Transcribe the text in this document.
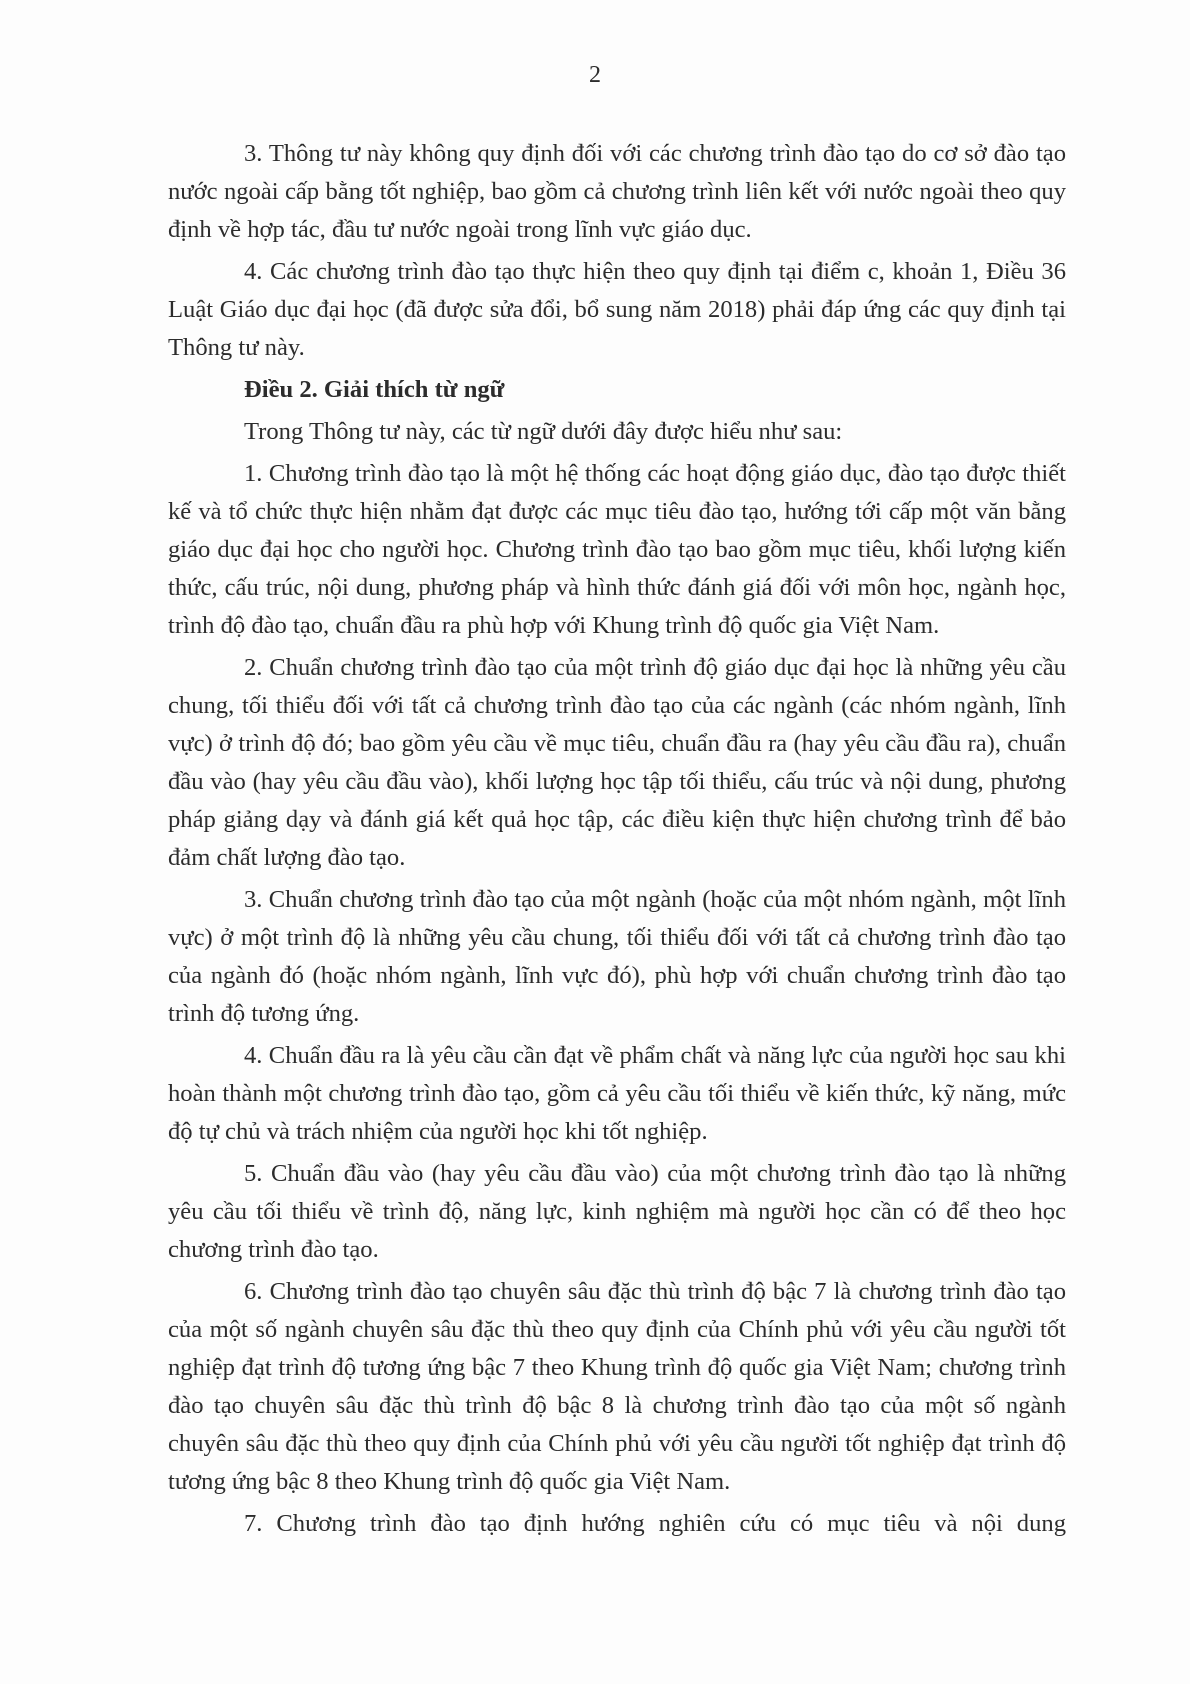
2

3. Thông tư này không quy định đối với các chương trình đào tạo do cơ sở đào tạo nước ngoài cấp bằng tốt nghiệp, bao gồm cả chương trình liên kết với nước ngoài theo quy định về hợp tác, đầu tư nước ngoài trong lĩnh vực giáo dục.

4. Các chương trình đào tạo thực hiện theo quy định tại điểm c, khoản 1, Điều 36 Luật Giáo dục đại học (đã được sửa đổi, bổ sung năm 2018) phải đáp ứng các quy định tại Thông tư này.

Điều 2. Giải thích từ ngữ

Trong Thông tư này, các từ ngữ dưới đây được hiểu như sau:

1. Chương trình đào tạo là một hệ thống các hoạt động giáo dục, đào tạo được thiết kế và tổ chức thực hiện nhằm đạt được các mục tiêu đào tạo, hướng tới cấp một văn bằng giáo dục đại học cho người học. Chương trình đào tạo bao gồm mục tiêu, khối lượng kiến thức, cấu trúc, nội dung, phương pháp và hình thức đánh giá đối với môn học, ngành học, trình độ đào tạo, chuẩn đầu ra phù hợp với Khung trình độ quốc gia Việt Nam.

2. Chuẩn chương trình đào tạo của một trình độ giáo dục đại học là những yêu cầu chung, tối thiểu đối với tất cả chương trình đào tạo của các ngành (các nhóm ngành, lĩnh vực) ở trình độ đó; bao gồm yêu cầu về mục tiêu, chuẩn đầu ra (hay yêu cầu đầu ra), chuẩn đầu vào (hay yêu cầu đầu vào), khối lượng học tập tối thiểu, cấu trúc và nội dung, phương pháp giảng dạy và đánh giá kết quả học tập, các điều kiện thực hiện chương trình để bảo đảm chất lượng đào tạo.

3. Chuẩn chương trình đào tạo của một ngành (hoặc của một nhóm ngành, một lĩnh vực) ở một trình độ là những yêu cầu chung, tối thiểu đối với tất cả chương trình đào tạo của ngành đó (hoặc nhóm ngành, lĩnh vực đó), phù hợp với chuẩn chương trình đào tạo trình độ tương ứng.

4. Chuẩn đầu ra là yêu cầu cần đạt về phẩm chất và năng lực của người học sau khi hoàn thành một chương trình đào tạo, gồm cả yêu cầu tối thiểu về kiến thức, kỹ năng, mức độ tự chủ và trách nhiệm của người học khi tốt nghiệp.

5. Chuẩn đầu vào (hay yêu cầu đầu vào) của một chương trình đào tạo là những yêu cầu tối thiểu về trình độ, năng lực, kinh nghiệm mà người học cần có để theo học chương trình đào tạo.

6. Chương trình đào tạo chuyên sâu đặc thù trình độ bậc 7 là chương trình đào tạo của một số ngành chuyên sâu đặc thù theo quy định của Chính phủ với yêu cầu người tốt nghiệp đạt trình độ tương ứng bậc 7 theo Khung trình độ quốc gia Việt Nam; chương trình đào tạo chuyên sâu đặc thù trình độ bậc 8 là chương trình đào tạo của một số ngành chuyên sâu đặc thù theo quy định của Chính phủ với yêu cầu người tốt nghiệp đạt trình độ tương ứng bậc 8 theo Khung trình độ quốc gia Việt Nam.

7. Chương trình đào tạo định hướng nghiên cứu có mục tiêu và nội dung
